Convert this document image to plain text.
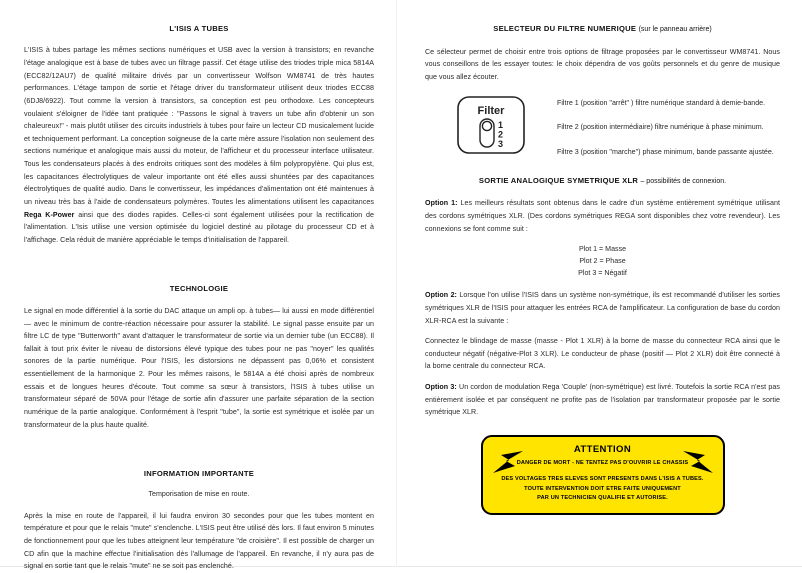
L'ISIS A TUBES

L'ISIS à tubes partage les mêmes sections numériques et USB avec la version à transistors; en revanche l'étage analogique est à base de tubes avec un filtrage passif. Cet étage utilise des triodes triple mica 5814A (ECC82/12AU7) de qualité militaire drivés par un convertisseur Wolfson WM8741 de très hautes performances. L'étage tampon de sortie et l'étage driver du transformateur utilisent deux triodes ECC88 (6DJ8/6922). Tout comme la version à transistors, sa conception est peu orthodoxe. Les concepteurs voulaient s'éloigner de l'idée tant pratiquée : "Passons le signal à travers un tube afin d'obtenir un son chaleureux!" - mais plutôt utiliser des circuits industriels à tubes pour faire un lecteur CD musicalement lucide et techniquement performant. La conception soigneuse de la carte mère assure l'isolation non seulement des sections numérique et analogique mais aussi du moteur, de l'afficheur et du processeur interface utilisateur. Tous les condensateurs placés à des endroits critiques sont des modèles à film polypropylène. Qui plus est, les capacitances électrolytiques de valeur importante ont été elles aussi shuntées par des capacitances électrolytiques de qualité audio. Dans le convertisseur, les impédances d'alimentation ont été maintenues à un niveau très bas à l'aide de condensateurs polymères. Toutes les alimentations utilisent les capacitances Rega K-Power ainsi que des diodes rapides. Celles-ci sont également utilisées pour la rectification de l'alimentation. L'Isis utilise une version optimisée du logiciel destiné au pilotage du processeur CD et à l'affichage. Cela réduit de manière appréciable le temps d'initialisation de l'appareil.

TECHNOLOGIE

Le signal en mode différentiel à la sortie du DAC attaque un ampli op. à tubes— lui aussi en mode différentiel — avec le minimum de contre-réaction nécessaire pour assurer la stabilité. Le signal passe ensuite par un filtre LC de type "Butterworth" avant d'attaquer le transformateur de sortie via un dernier tube (un ECC88). Il fallait à tout prix éviter le niveau de distorsions élevé typique des tubes pour ne pas "noyer" les qualités sonores de la partie numérique. Pour l'ISIS, les distorsions ne dépassent pas 0,06% et consistent essentiellement de la harmonique 2. Pour les mêmes raisons, le 5814A a été choisi après de nombreux essais et de longues heures d'écoute. Tout comme sa sœur à transistors, l'ISIS à tubes utilise un transformateur séparé de 50VA pour l'étage de sortie afin d'assurer une parfaite séparation de la section numérique de la partie analogique. Conformément à l'esprit "tube", la sortie est symétrique et isolée par un transformateur de la plus haute qualité.

INFORMATION IMPORTANTE

Temporisation de mise en route.

Après la mise en route de l'appareil, il lui faudra environ 30 secondes pour que les tubes montent en température et pour que le relais "mute" s'enclenche. L'ISIS peut être utilisé dès lors. Il faut environ 5 minutes de fonctionnement pour que les tubes atteignent leur température "de croisière". Il est possible de charger un CD afin que la machine effectue l'initialisation dès l'allumage de l'appareil. En revanche, il n'y aura pas de signal en sortie tant que le relais "mute" ne se soit pas enclenché.

SELECTEUR DU FILTRE NUMERIQUE (sur le panneau arrière)

Ce sélecteur permet de choisir entre trois options de filtrage proposées par le convertisseur WM8741. Nous vous conseillons de les essayer toutes: le choix dépendra de vos goûts personnels et du genre de musique que vous allez écouter.

Filter
1
2
3

Filtre 1 (position "arrêt" ) filtre numérique standard à demie-bande.

Filtre 2 (position intermédiaire) filtre numérique à phase minimum.

Filtre 3 (position "marche") phase minimum, bande passante ajustée.

SORTIE ANALOGIQUE SYMETRIQUE XLR – possibilités de connexion.

Option 1: Les meilleurs résultats sont obtenus dans le cadre d'un système entièrement symétrique utilisant des cordons symétriques XLR. (Des cordons symétriques REGA sont disponibles chez votre revendeur). Les connexions se font comme suit :

Plot 1 = Masse
Plot 2 = Phase
Plot 3 = Négatif

Option 2: Lorsque l'on utilise l'ISIS dans un système non-symétrique, ils est recommandé d'utiliser les sorties symétriques XLR de l'ISIS pour attaquer les entrées RCA de l'amplificateur. La configuration de base du cordon XLR-RCA est la suivante :

Connectez le blindage de masse (masse - Plot 1 XLR) à la borne de masse du connecteur RCA ainsi que le conducteur négatif (négative-Plot 3 XLR). Le conducteur de phase (positif — Plot 2 XLR) doit être connecté à la borne centrale du connecteur RCA.

Option 3: Un cordon de modulation Rega 'Couple' (non-symétrique) est livré. Toutefois la sortie RCA n'est pas entièrement isolée et par conséquent ne profite pas de l'isolation par transformateur proposée par le sortie symétrique XLR.

ATTENTION
DANGER DE MORT - NE TENTEZ PAS D'OUVRIR LE CHASSIS
DES VOLTAGES TRES ELEVES SONT PRESENTS DANS L'ISIS A TUBES.
TOUTE INTERVENTION DOIT ETRE FAITE UNIQUEMENT
PAR UN TECHNICIEN QUALIFIE ET AUTORISE.
